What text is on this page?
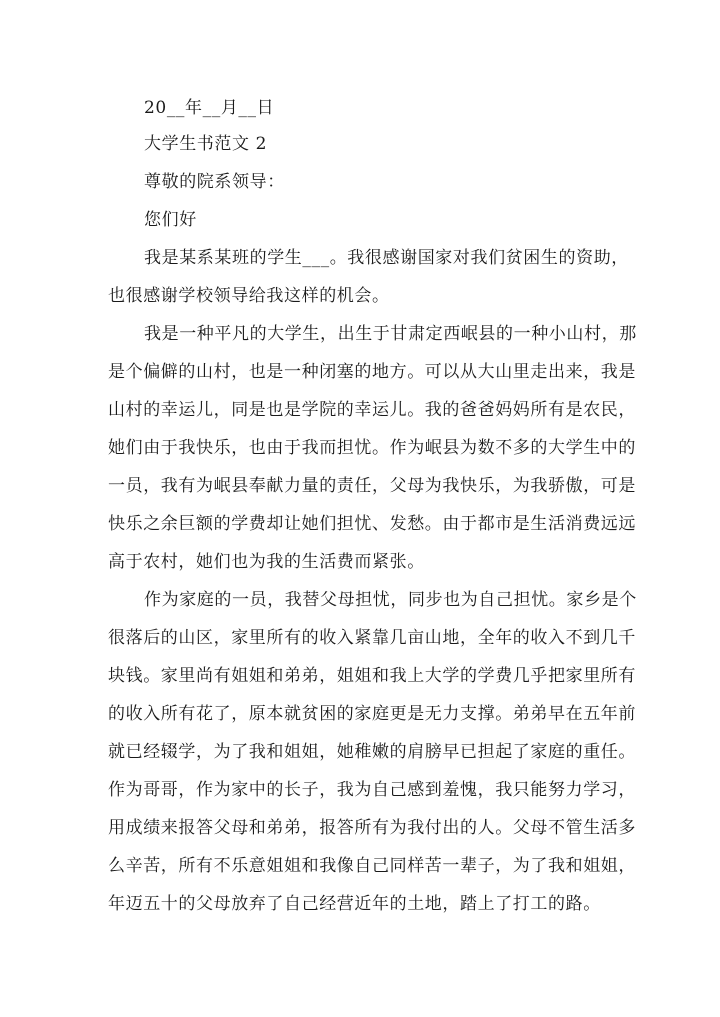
20__年__月__日
大学生书范文 2
尊敬的院系领导：
您们好
我是某系某班的学生___。我很感谢国家对我们贫困生的资助，
也很感谢学校领导给我这样的机会。
我是一种平凡的大学生，出生于甘肃定西岷县的一种小山村，那
是个偏僻的山村，也是一种闭塞的地方。可以从大山里走出来，我是
山村的幸运儿，同是也是学院的幸运儿。我的爸爸妈妈所有是农民，
她们由于我快乐，也由于我而担忧。作为岷县为数不多的大学生中的
一员，我有为岷县奉献力量的责任，父母为我快乐，为我骄傲，可是
快乐之余巨额的学费却让她们担忧、发愁。由于都市是生活消费远远
高于农村，她们也为我的生活费而紧张。
作为家庭的一员，我替父母担忧，同步也为自己担忧。家乡是个
很落后的山区，家里所有的收入紧靠几亩山地，全年的收入不到几千
块钱。家里尚有姐姐和弟弟，姐姐和我上大学的学费几乎把家里所有
的收入所有花了，原本就贫困的家庭更是无力支撑。弟弟早在五年前
就已经辍学，为了我和姐姐，她稚嫩的肩膀早已担起了家庭的重任。
作为哥哥，作为家中的长子，我为自己感到羞愧，我只能努力学习，
用成绩来报答父母和弟弟，报答所有为我付出的人。父母不管生活多
么辛苦，所有不乐意姐姐和我像自己同样苦一辈子，为了我和姐姐，
年迈五十的父母放弃了自己经营近年的土地，踏上了打工的路。
